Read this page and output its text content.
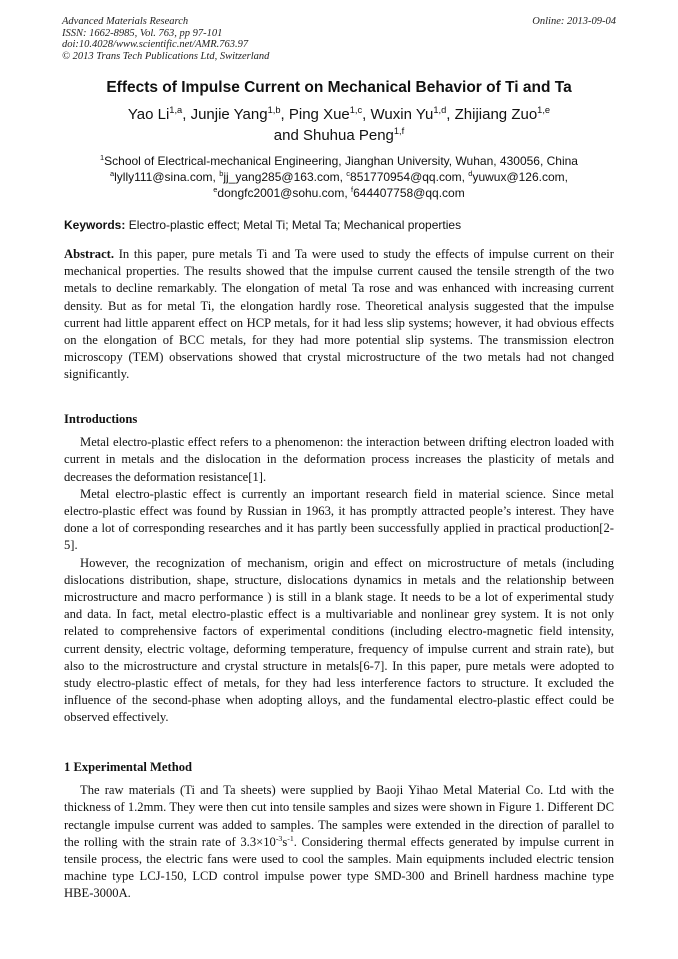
Advanced Materials Research
ISSN: 1662-8985, Vol. 763, pp 97-101
doi:10.4028/www.scientific.net/AMR.763.97
© 2013 Trans Tech Publications Ltd, Switzerland
Online: 2013-09-04
Effects of Impulse Current on Mechanical Behavior of Ti and Ta
Yao Li$^{1,a}$, Junjie Yang$^{1,b}$, Ping Xue$^{1,c}$, Wuxin Yu$^{1,d}$, Zhijiang Zuo$^{1,e}$
and Shuhua Peng$^{1,f}$
$^1$School of Electrical-mechanical Engineering, Jianghan University, Wuhan, 430056, China
$^a$lylly111@sina.com, $^b$jj_yang285@163.com, $^c$851770954@qq.com, $^d$yuwux@126.com,
$^e$dongfc2001@sohu.com, $^f$644407758@qq.com
Keywords: Electro-plastic effect; Metal Ti; Metal Ta; Mechanical properties

Abstract. In this paper, pure metals Ti and Ta were used to study the effects of impulse current on their mechanical properties. The results showed that the impulse current caused the tensile strength of the two metals to decline remarkably. The elongation of metal Ta rose and was enhanced with increasing current density. But as for metal Ti, the elongation hardly rose. Theoretical analysis suggested that the impulse current had little apparent effect on HCP metals, for it had less slip systems; however, it had obvious effects on the elongation of BCC metals, for they had more potential slip systems. The transmission electron microscopy (TEM) observations showed that crystal microstructure of the two metals had not changed significantly.

Introductions

Metal electro-plastic effect refers to a phenomenon: the interaction between drifting electron loaded with current in metals and the dislocation in the deformation process increases the plasticity of metals and decreases the deformation resistance[1].

Metal electro-plastic effect is currently an important research field in material science. Since metal electro-plastic effect was found by Russian in 1963, it has promptly attracted people’s interest. They have done a lot of corresponding researches and it has partly been successfully applied in practical production[2-5].

However, the recognization of mechanism, origin and effect on microstructure of metals (including dislocations distribution, shape, structure, dislocations dynamics in metals and the relationship between microstructure and macro performance ) is still in a blank stage. It needs to be a lot of experimental study and data. In fact, metal electro-plastic effect is a multivariable and nonlinear grey system. It is not only related to comprehensive factors of experimental conditions (including electro-magnetic field intensity, current density, electric voltage, deforming temperature, frequency of impulse current and strain rate), but also to the microstructure and crystal structure in metals[6-7]. In this paper, pure metals were adopted to study electro-plastic effect of metals, for they had less interference factors to structure. It excluded the influence of the second-phase when adopting alloys, and the fundamental electro-plastic effect could be observed effectively.

1 Experimental Method

The raw materials (Ti and Ta sheets) were supplied by Baoji Yihao Metal Material Co. Ltd with the thickness of 1.2mm. They were then cut into tensile samples and sizes were shown in Figure 1. Different DC rectangle impulse current was added to samples. The samples were extended in the direction of parallel to the rolling with the strain rate of $3.3\times 10^{-3}s^{-1}$. Considering thermal effects generated by impulse current in tensile process, the electric fans were used to cool the samples. Main equipments included electric tension machine type LCJ-150, LCD control impulse power type SMD-300 and Brinell hardness machine type HBE-3000A.
